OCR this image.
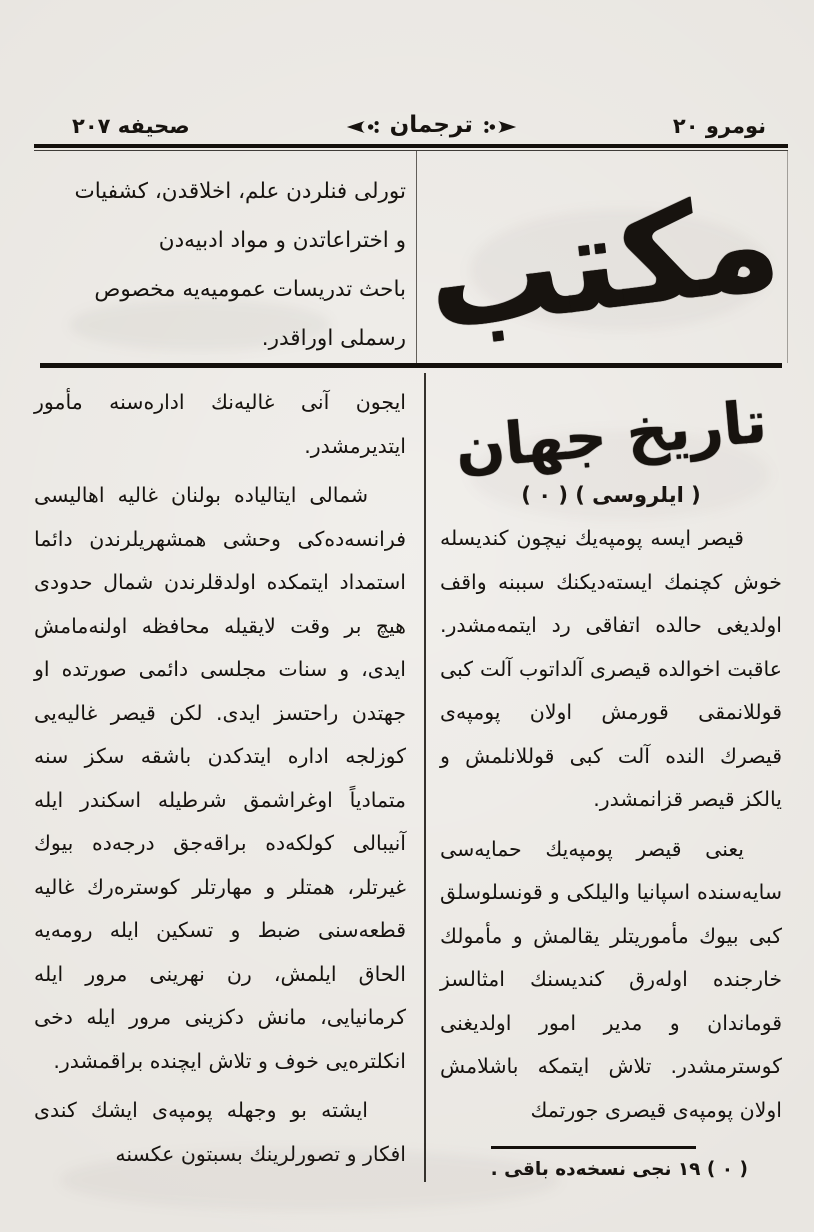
نومرو ٢٠
ترجمان
صحيفه ٢٠٧
مكتب
تورلى فنلردن علم، اخلاقدن، كشفيات
و اختراعاتدن و مواد ادبيه‌دن
باحث تدريسات عموميه‌يه مخصوص
رسملى اوراقدر.
تاريخ جهان
( ايلروسى ) ( ٠ )

قيصر ايسه پومپه‌يك نيچون كنديسله خوش كچنمك ايسته‌ديكنك سببنه واقف اولديغى حالده اتفاقى رد ايتمه‌مشدر. عاقبت اخوالده قيصرى آلداتوب آلت كبى قوللانمقى قورمش اولان پومپه‌ى قيصرك النده آلت كبى قوللانلمش و يالكز قيصر قزانمشدر.

يعنى قيصر پومپه‌يك حمايه‌سى سايه‌سنده اسپانيا واليلكى و قونسلوسلق كبى بيوك مأموريتلر يقالمش و مأمولك خارجنده اوله‌رق كنديسنك امثالسز قوماندان و مدير امور اولديغنى كوسترمشدر. تلاش ايتمكه باشلامش اولان پومپه‌ى قيصرى جورتمك

( ٠ ) ١٩ نجى نسخه‌ده باقى .

ايجون آنى غاليه‌نك اداره‌سنه مأمور ايتديرمشدر.

شمالى ايتالياده بولنان غاليه اهاليسى فرانسه‌ده‌كى وحشى همشهريلرندن دائما استمداد ايتمكده اولدقلرندن شمال حدودى هيچ بر وقت لايقيله محافظه اولنه‌مامش ايدى، و سنات مجلسى دائمى صورتده او جهتدن راحتسز ايدى. لكن قيصر غاليه‌يى كوزلجه اداره ايتدكدن باشقه سكز سنه متمادياً اوغراشمق شرطيله اسكندر ايله آنيبالى كولكه‌ده براقه‌جق درجه‌ده بيوك غيرتلر، همتلر و مهارتلر كوستره‌رك غاليه قطعه‌سنى ضبط و تسكين ايله رومه‌يه الحاق ايلمش، رن نهرينى مرور ايله كرمانيايى، مانش دكزينى مرور ايله دخى انكلتره‌يى خوف و تلاش ايچنده براقمشدر.

ايشته بو وجهله پومپه‌ى ايشك كندى افكار و تصورلرينك بسبتون عكسنه
